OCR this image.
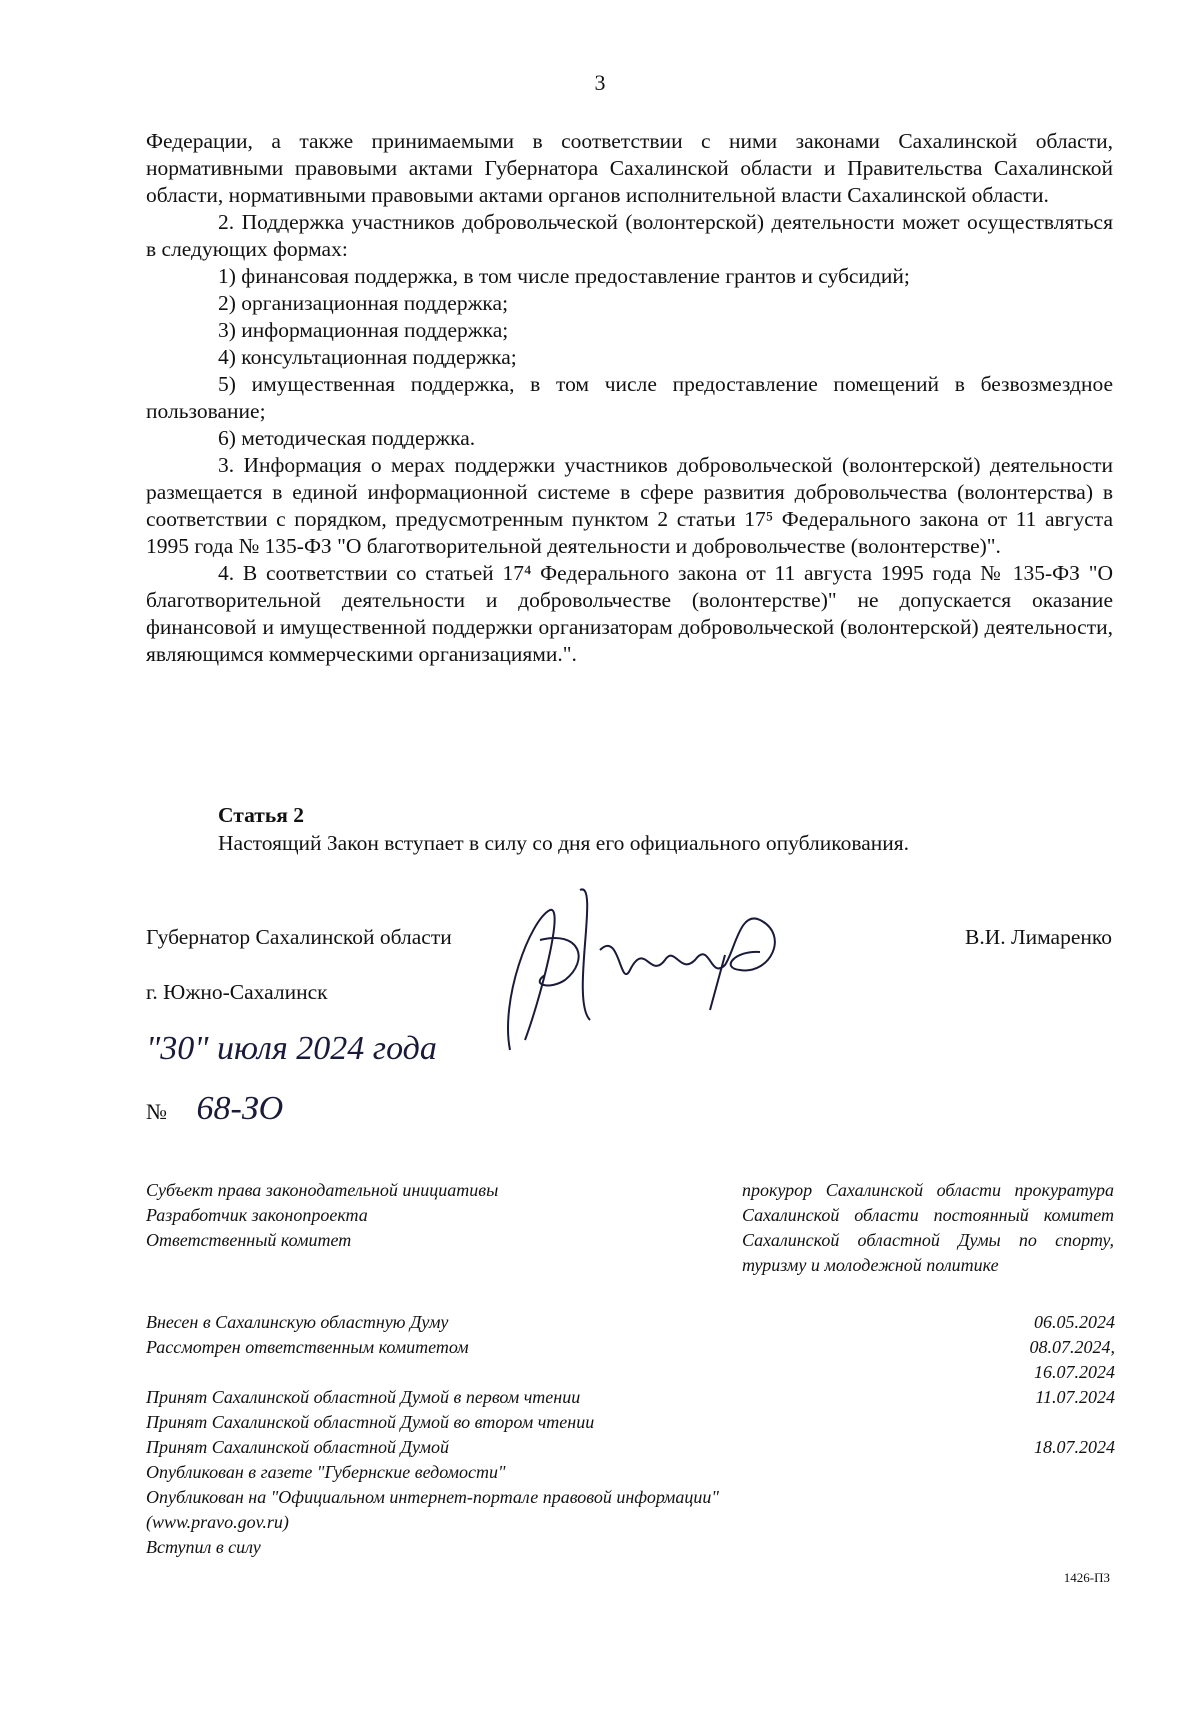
3

Федерации, а также принимаемыми в соответствии с ними законами Сахалинской области, нормативными правовыми актами Губернатора Сахалинской области и Правительства Сахалинской области, нормативными правовыми актами органов исполнительной власти Сахалинской области.

2. Поддержка участников добровольческой (волонтерской) деятельности может осуществляться в следующих формах:

1) финансовая поддержка, в том числе предоставление грантов и субсидий;

2) организационная поддержка;

3) информационная поддержка;

4) консультационная поддержка;

5) имущественная поддержка, в том числе предоставление помещений в безвозмездное пользование;

6) методическая поддержка.

3. Информация о мерах поддержки участников добровольческой (волонтерской) деятельности размещается в единой информационной системе в сфере развития добровольчества (волонтерства) в соответствии с порядком, предусмотренным пунктом 2 статьи 17⁵ Федерального закона от 11 августа 1995 года № 135-ФЗ "О благотворительной деятельности и добровольчестве (волонтерстве)".

4. В соответствии со статьей 17⁴ Федерального закона от 11 августа 1995 года № 135-ФЗ "О благотворительной деятельности и добровольчестве (волонтерстве)" не допускается оказание финансовой и имущественной поддержки организаторам добровольческой (волонтерской) деятельности, являющимся коммерческими организациями.".

Статья 2
Настоящий Закон вступает в силу со дня его официального опубликования.
Губернатор Сахалинской области	В.И. Лимаренко
г. Южно-Сахалинск
"30" июля 2024 года
№ 68-ЗО
Субъект права законодательной инициативы
Разработчик законопроекта
Ответственный комитет
прокурор Сахалинской области прокуратура Сахалинской области постоянный комитет Сахалинской областной Думы по спорту, туризму и молодежной политике
Внесен в Сахалинскую областную Думу
Рассмотрен ответственным комитетом
Принят Сахалинской областной Думой в первом чтении
Принят Сахалинской областной Думой во втором чтении
Принят Сахалинской областной Думой
Опубликован в газете "Губернские ведомости"
Опубликован на "Официальном интернет-портале правовой информации" (www.pravo.gov.ru)
Вступил в силу
06.05.2024
08.07.2024,
16.07.2024
11.07.2024

18.07.2024
1426-ПЗ
